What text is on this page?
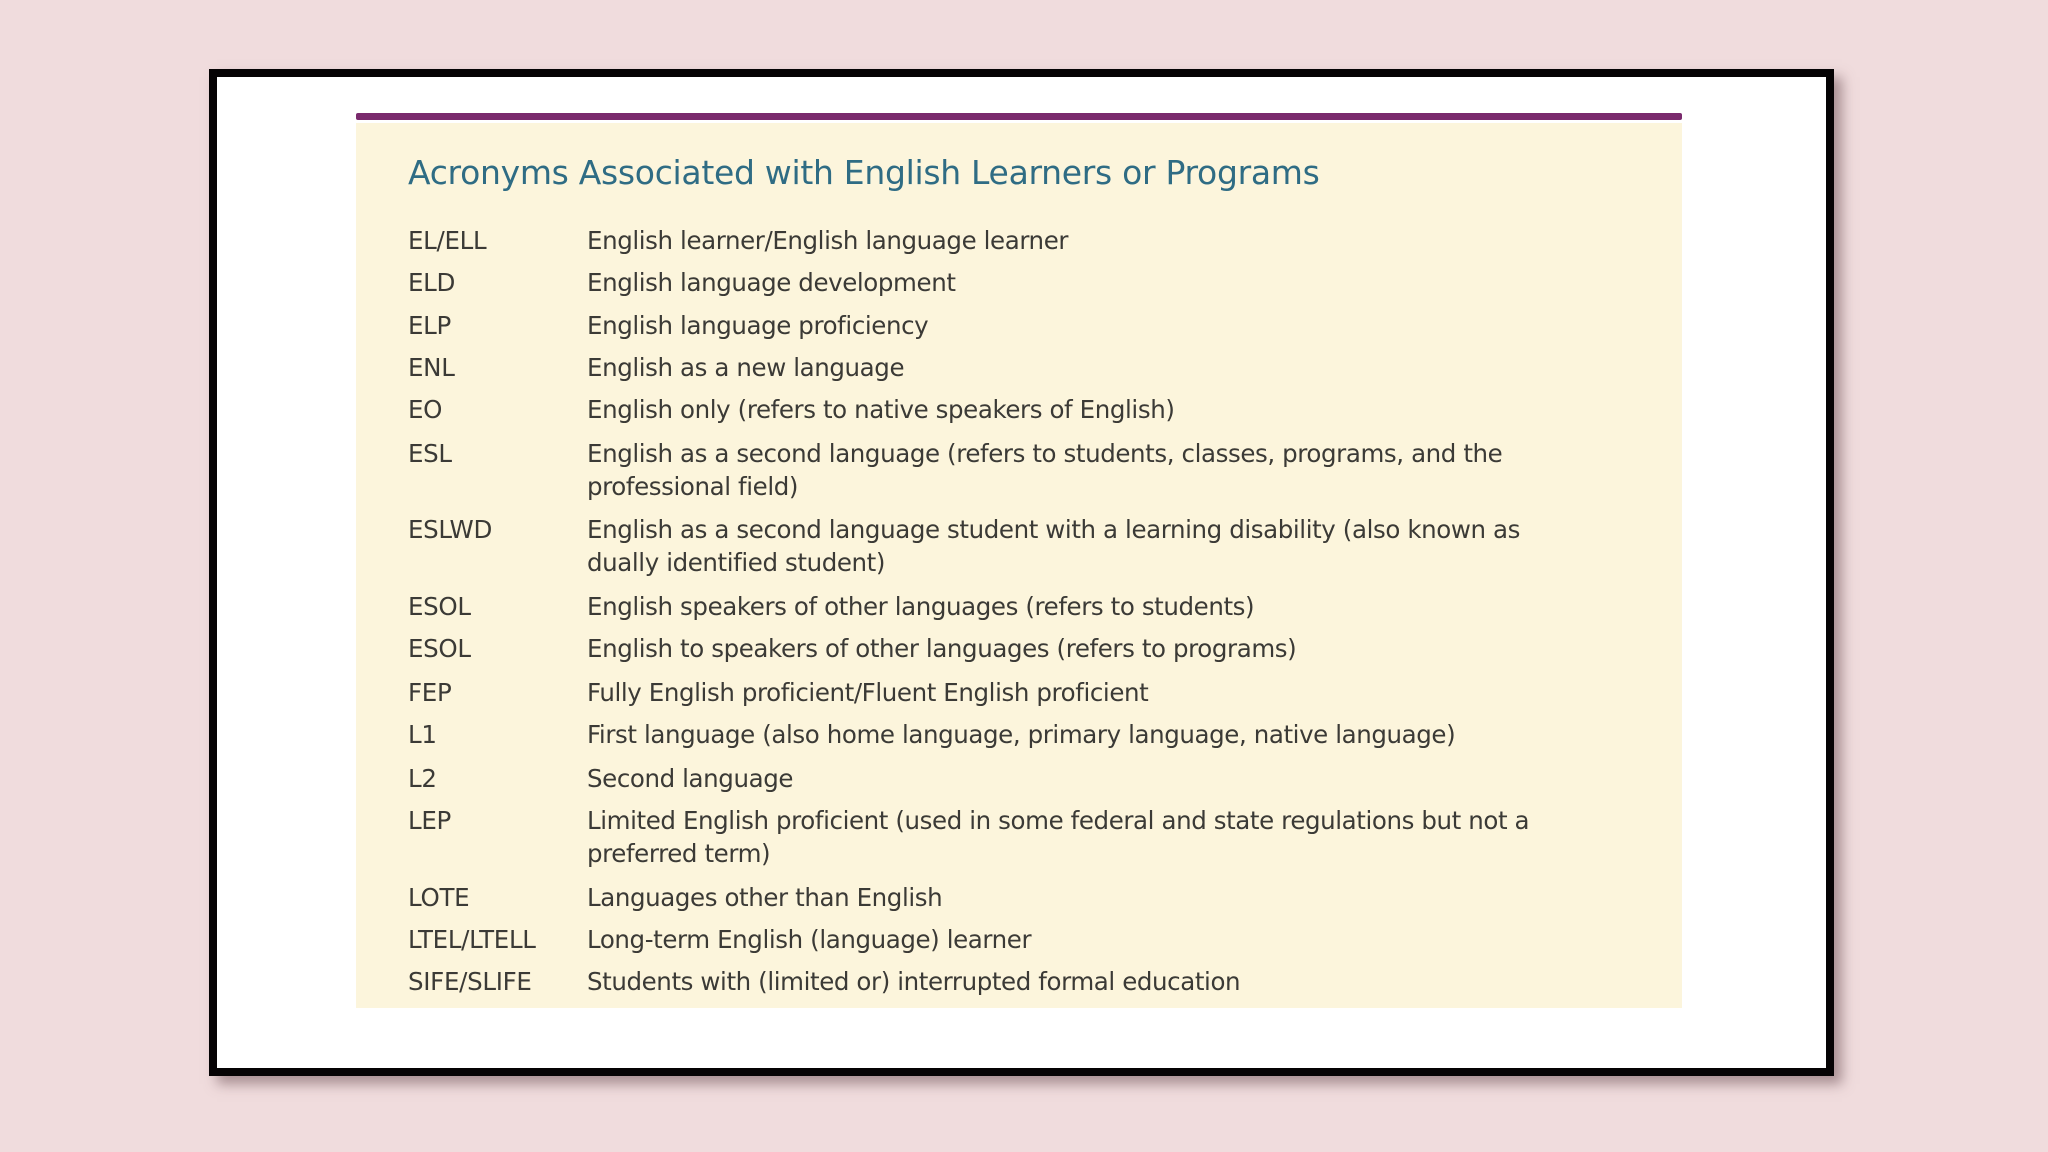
Acronyms Associated with English Learners or Programs
EL/ELL	English learner/English language learner
ELD	English language development
ELP	English language proficiency
ENL	English as a new language
EO	English only (refers to native speakers of English)
ESL	English as a second language (refers to students, classes, programs, and the professional field)
ESLWD	English as a second language student with a learning disability (also known as dually identified student)
ESOL	English speakers of other languages (refers to students)
ESOL	English to speakers of other languages (refers to programs)
FEP	Fully English proficient/Fluent English proficient
L1	First language (also home language, primary language, native language)
L2	Second language
LEP	Limited English proficient (used in some federal and state regulations but not a preferred term)
LOTE	Languages other than English
LTEL/LTELL Long-term English (language) learner
SIFE/SLIFE Students with (limited or) interrupted formal education
